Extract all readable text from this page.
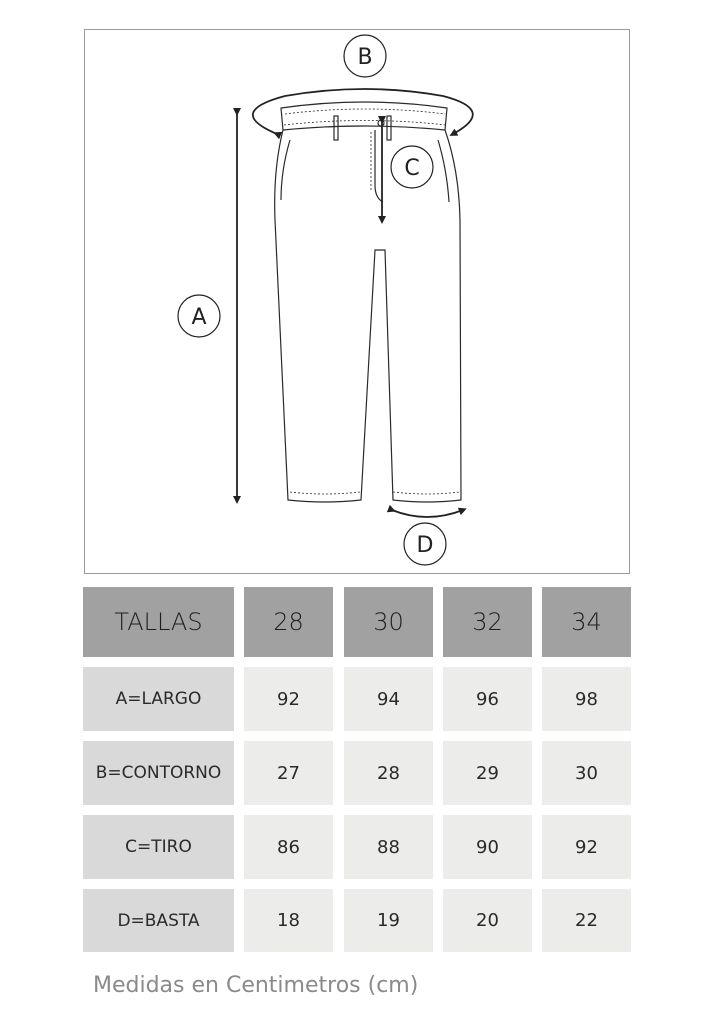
B
C
A
D
TALLAS	28	30	32	34
A=LARGO	92	94	96	98
B=CONTORNO	27	28	29	30
C=TIRO	86	88	90	92
D=BASTA	18	19	20	22
Medidas en Centimetros (cm)
